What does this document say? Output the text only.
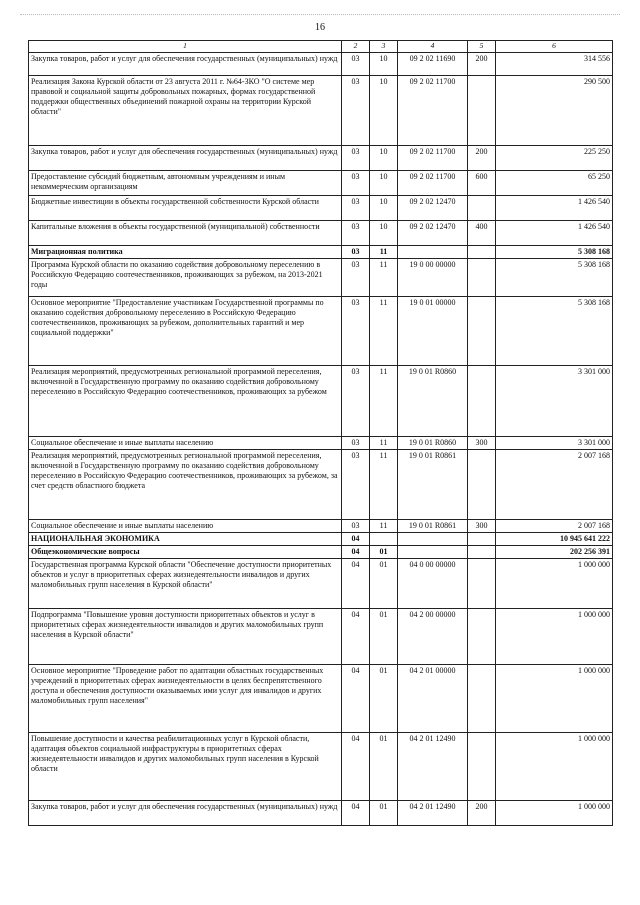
16
1	2	3	4	5	6
Закупка товаров, работ и услуг для обеспечения государственных (муниципальных) нужд	03	10	09 2 02 11690	200	314 556
Реализация Закона Курской области от 23 августа 2011 г. №64-ЗКО "О системе мер правовой и социальной защиты добровольных пожарных, формах государственной поддержки общественных объединений пожарной охраны на территории Курской области"	03	10	09 2 02 11700		290 500
Закупка товаров, работ и услуг для обеспечения государственных (муниципальных) нужд	03	10	09 2 02 11700	200	225 250
Предоставление субсидий бюджетным, автономным учреждениям и иным некоммерческим организациям	03	10	09 2 02 11700	600	65 250
Бюджетные инвестиции в объекты государственной собственности Курской области	03	10	09 2 02 12470		1 426 540
Капитальные вложения в объекты государственной (муниципальной) собственности	03	10	09 2 02 12470	400	1 426 540
Миграционная политика	03	11			5 308 168
Программа Курской области по оказанию содействия добровольному переселению в Российскую Федерацию соотечественников, проживающих за рубежом, на 2013-2021 годы	03	11	19 0 00 00000		5 308 168
Основное мероприятие "Предоставление участникам Государственной программы по оказанию содействия добровольному переселению в Российскую Федерацию соотечественников, проживающих за рубежом, дополнительных гарантий и мер социальной поддержки"	03	11	19 0 01 00000		5 308 168
Реализация мероприятий, предусмотренных региональной программой переселения, включенной в Государственную программу по оказанию содействия добровольному переселению в Российскую Федерацию соотечественников, проживающих за рубежом	03	11	19 0 01 R0860		3 301 000
Социальное обеспечение и иные выплаты населению	03	11	19 0 01 R0860	300	3 301 000
Реализация мероприятий, предусмотренных региональной программой переселения, включенной в Государственную программу по оказанию содействия добровольному переселению в Российскую Федерацию соотечественников, проживающих за рубежом, за счет средств областного бюджета	03	11	19 0 01 R0861		2 007 168
Социальное обеспечение и иные выплаты населению	03	11	19 0 01 R0861	300	2 007 168
НАЦИОНАЛЬНАЯ ЭКОНОМИКА	04				10 945 641 222
Общеэкономические вопросы	04	01			202 256 391
Государственная программа Курской области "Обеспечение доступности приоритетных объектов и услуг в приоритетных сферах жизнедеятельности инвалидов и других маломобильных групп населения в Курской области"	04	01	04 0 00 00000		1 000 000
Подпрограмма "Повышение уровня доступности приоритетных объектов и услуг в приоритетных сферах жизнедеятельности инвалидов и других маломобильных групп населения в Курской области"	04	01	04 2 00 00000		1 000 000
Основное мероприятие "Проведение работ по адаптации областных государственных учреждений в приоритетных сферах жизнедеятельности в целях беспрепятственного доступа и обеспечения доступности оказываемых ими услуг для инвалидов и других маломобильных групп населения"	04	01	04 2 01 00000		1 000 000
Повышение доступности и качества реабилитационных услуг в Курской области, адаптация объектов социальной инфраструктуры в приоритетных сферах жизнедеятельности инвалидов и других маломобильных групп населения в Курской области	04	01	04 2 01 12490		1 000 000
Закупка товаров, работ и услуг для обеспечения государственных (муниципальных) нужд	04	01	04 2 01 12490	200	1 000 000
